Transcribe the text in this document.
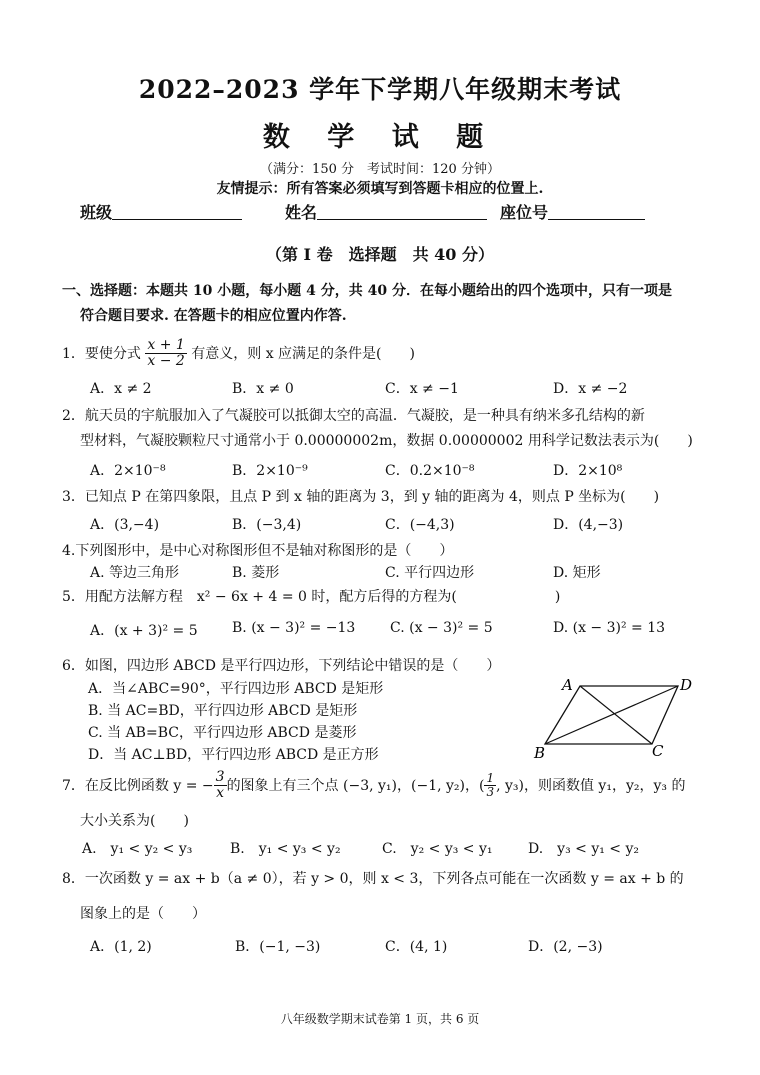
2022–2023 学年下学期八年级期末考试
数 学 试 题
（满分：150 分　考试时间：120 分钟）
友情提示：所有答案必须填写到答题卡相应的位置上.
班级	姓名	座位号
（第 I 卷　选择题　共 40 分）
一、选择题：本题共 10 小题，每小题 4 分，共 40 分．在每小题给出的四个选项中，只有一项是
符合题目要求. 在答题卡的相应位置内作答.
1．要使分式 $\frac{x + 1}{x - 2}$ 有意义，则 x 应满足的条件是(　　)
A．x ≠ 2	B．x ≠ 0	C．x ≠ −1	D．x ≠ −2
2．航天员的宇航服加入了气凝胶可以抵御太空的高温．气凝胶，是一种具有纳米多孔结构的新
型材料，气凝胶颗粒尺寸通常小于 0.00000002m，数据 0.00000002 用科学记数法表示为(　　)
A．2×10⁻⁸	B．2×10⁻⁹	C．0.2×10⁻⁸	D．2×10⁸
3．已知点 P 在第四象限，且点 P 到 x 轴的距离为 3，到 y 轴的距离为 4，则点 P 坐标为(　　)
A．(3,−4)	B．(−3,4)	C．(−4,3)	D．(4,−3)
4.下列图形中，是中心对称图形但不是轴对称图形的是（　　）
A. 等边三角形	B. 菱形	C. 平行四边形	D. 矩形
5．用配方法解方程　x² − 6x + 4 = 0 时，配方后得的方程为(　　　　　　　)
A．(x + 3)² = 5 B. (x − 3)² = −13 C. (x − 3)² = 5	D. (x − 3)² = 13
6．如图，四边形 ABCD 是平行四边形，下列结论中错误的是（　　）
A．当∠ABC=90°，平行四边形 ABCD 是矩形
B. 当 AC=BD，平行四边形 ABCD 是矩形
C. 当 AB=BC，平行四边形 ABCD 是菱形
D．当 AC⊥BD，平行四边形 ABCD 是正方形
A	D
B	C
7．在反比例函数 y = − $\frac{3}{x}$ 的图象上有三个点 (−3, y₁)，(−1, y₂)，( $\frac{1}{3}$ , y₃)，则函数值 y₁，y₂，y₃ 的
大小关系为(　　)
A.　y₁ < y₂ < y₃	B.　y₁ < y₃ < y₂	C.　y₂ < y₃ < y₁	D.　y₃ < y₁ < y₂
8．一次函数 y = ax + b（a ≠ 0），若 y > 0，则 x < 3，下列各点可能在一次函数 y = ax + b 的
图象上的是（　　）
A．(1, 2)	B．(−1, −3)	C．(4, 1)	D．(2, −3)
八年级数学期末试卷第 1 页，共 6 页
